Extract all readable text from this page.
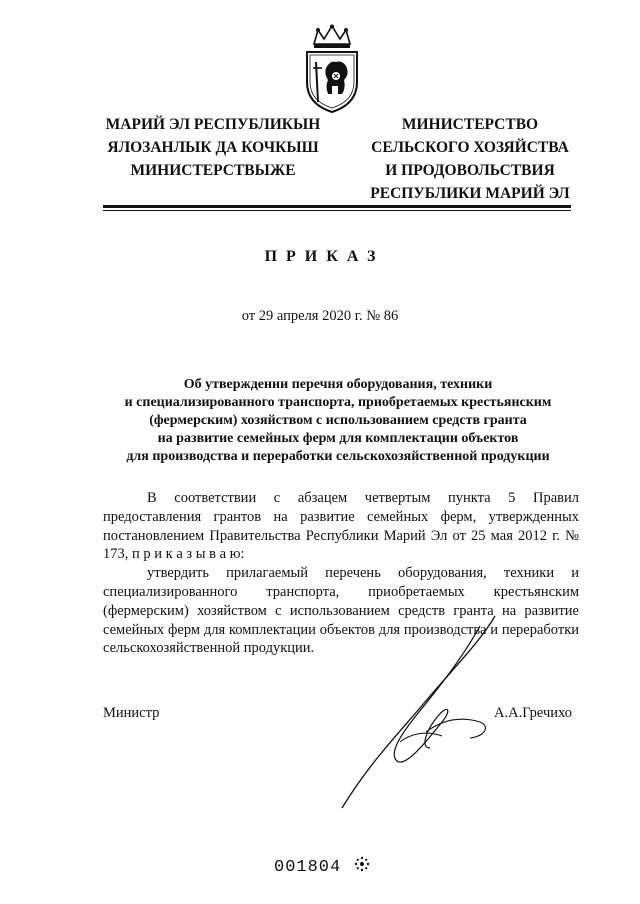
МАРИЙ ЭЛ РЕСПУБЛИКЫН
ЯЛОЗАНЛЫК ДА КОЧКЫШ
МИНИСТЕРСТВЫЖЕ
МИНИСТЕРСТВО
СЕЛЬСКОГО ХОЗЯЙСТВА
И ПРОДОВОЛЬСТВИЯ
РЕСПУБЛИКИ МАРИЙ ЭЛ
ПРИКАЗ
от 29 апреля 2020 г. № 86
Об утверждении перечня оборудования, техники
и специализированного транспорта, приобретаемых крестьянским
(фермерским) хозяйством с использованием средств гранта
на развитие семейных ферм для комплектации объектов
для производства и переработки сельскохозяйственной продукции

В соответствии с абзацем четвертым пункта 5 Правил предоставления грантов на развитие семейных ферм, утвержденных постановлением Правительства Республики Марий Эл от 25 мая 2012 г. № 173, п р и к а з ы в а ю:

утвердить прилагаемый перечень оборудования, техники и специализированного транспорта, приобретаемых крестьянским (фермерским) хозяйством с использованием средств гранта на развитие семейных ферм для комплектации объектов для производства и переработки сельскохозяйственной продукции.

Министр	А.А.Гречихо
001804
